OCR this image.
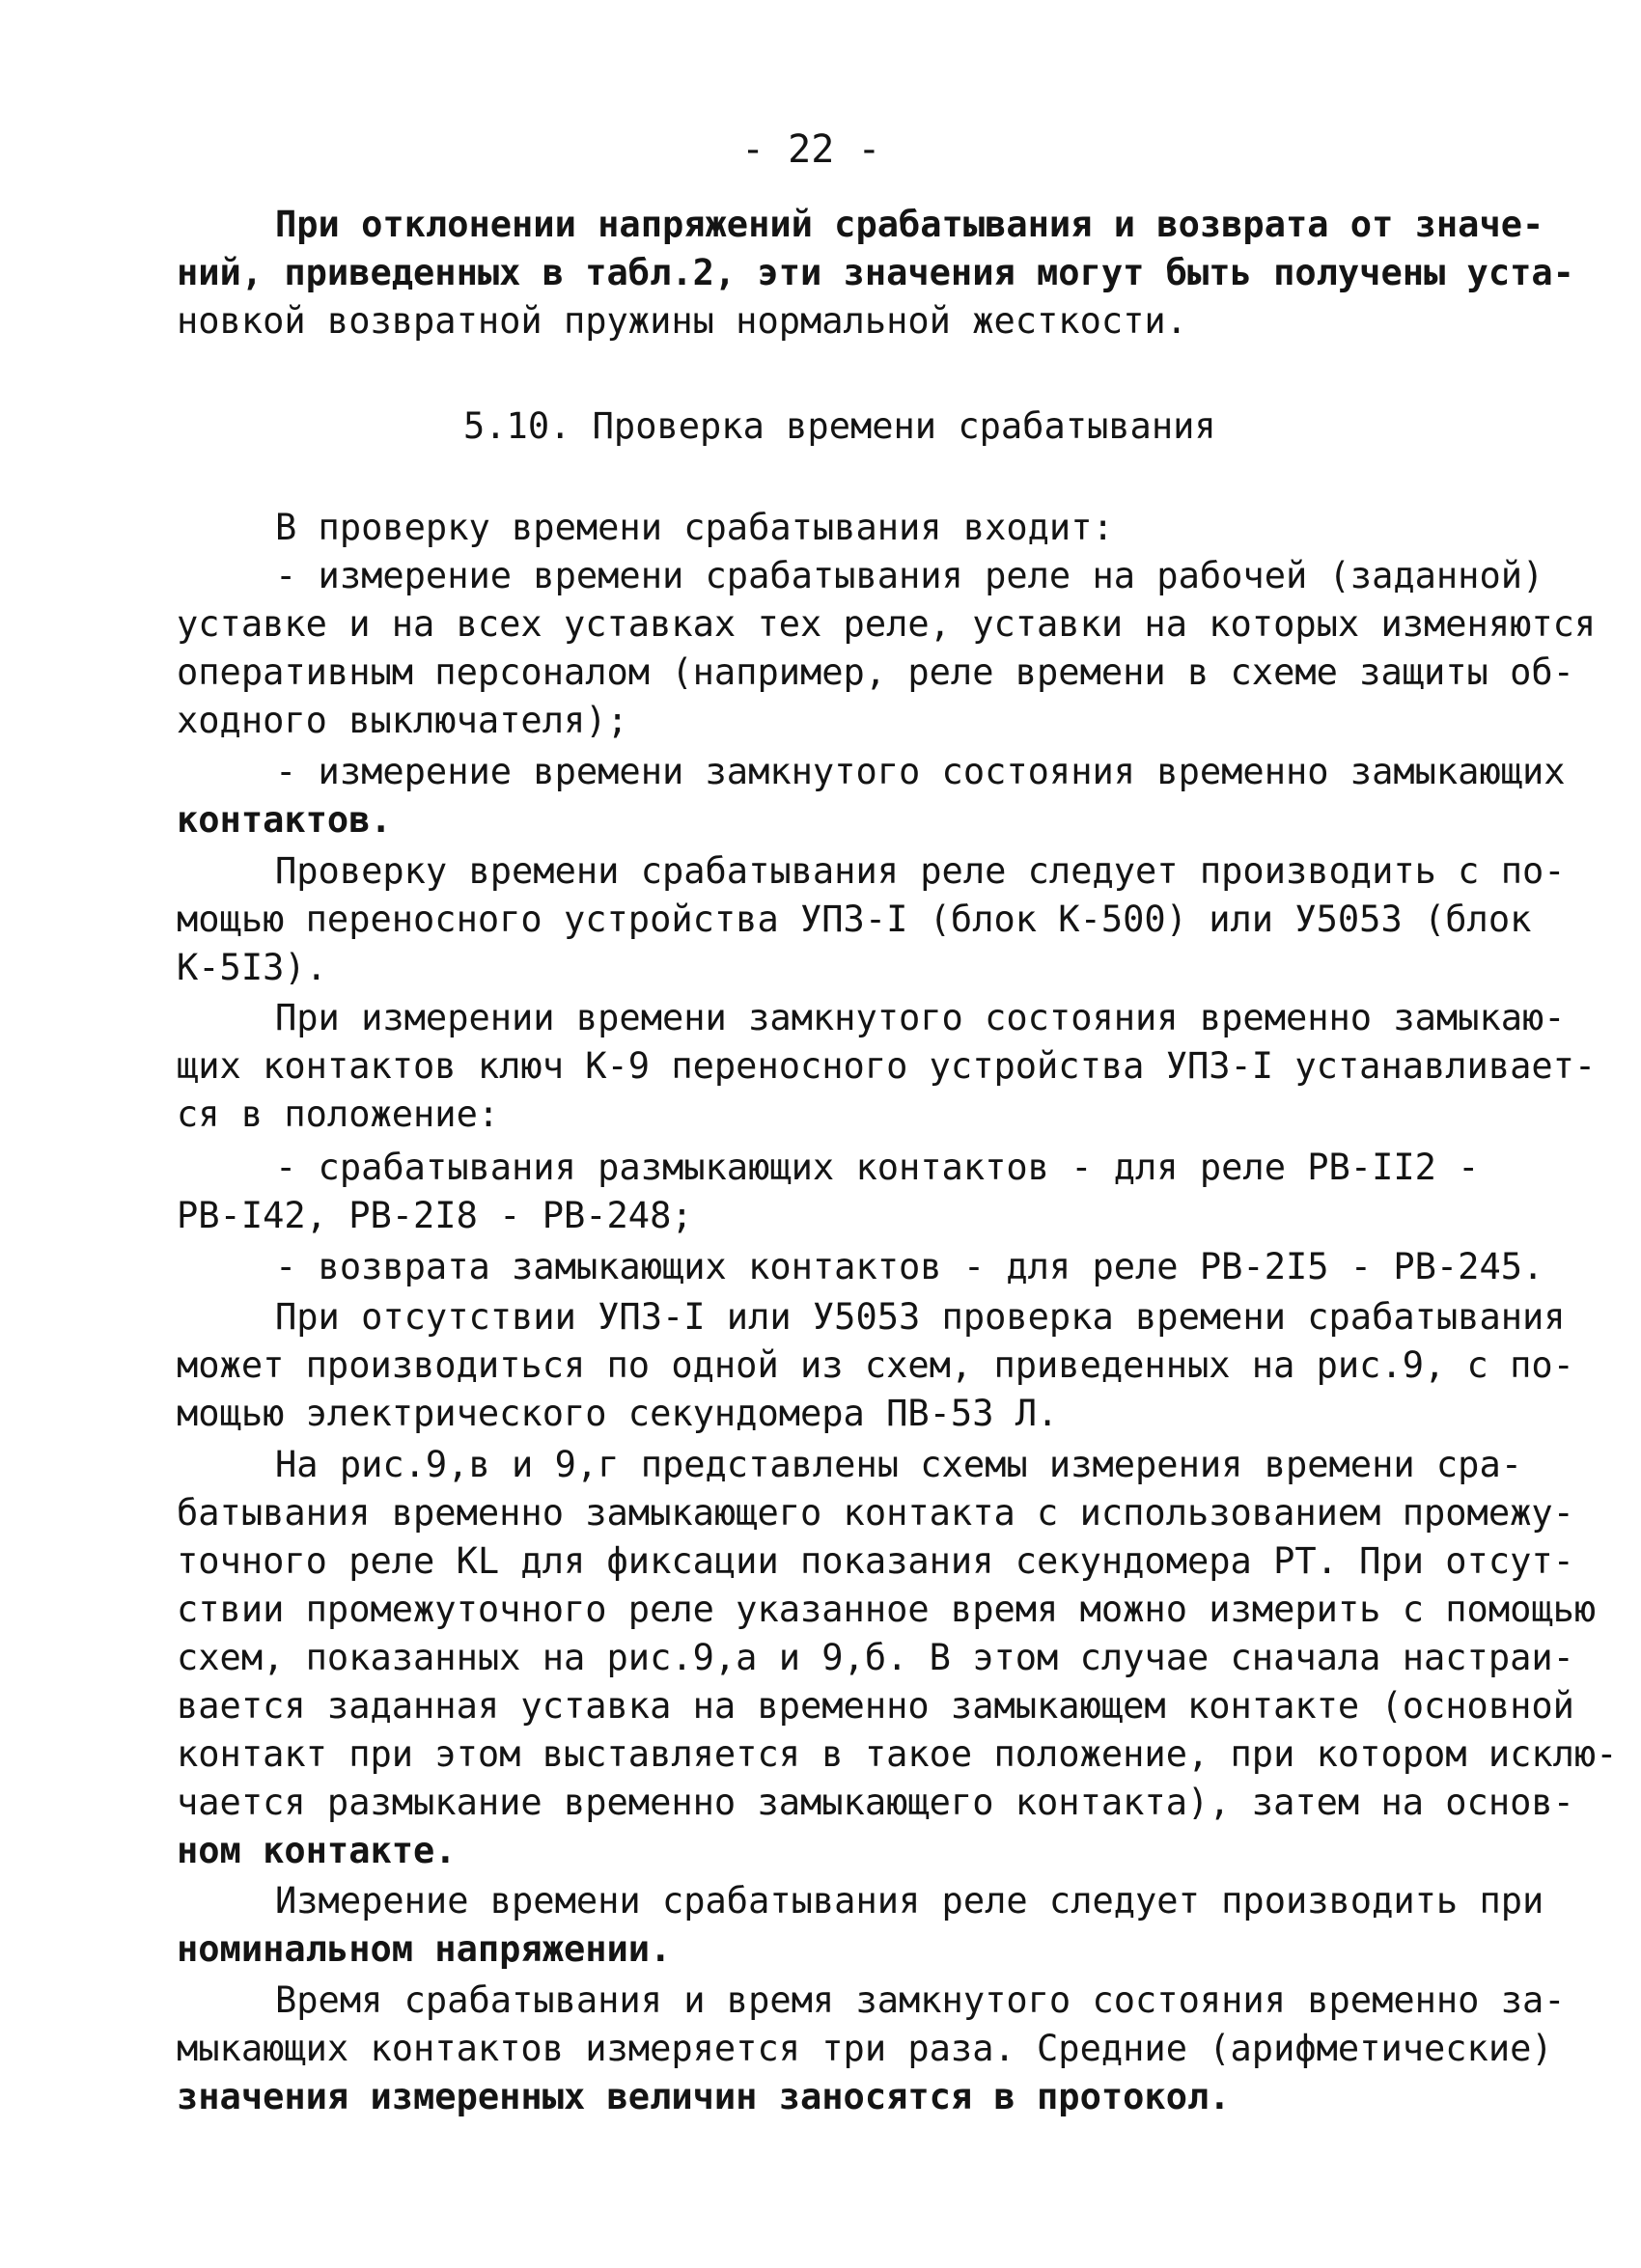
- 22 -
При отклонении напряжений срабатывания и возврата от значе-
ний, приведенных в табл.2, эти значения могут быть получены уста-
новкой возвратной пружины нормальной жесткости.
5.10. Проверка времени срабатывания
В проверку времени срабатывания входит:
- измерение времени срабатывания реле на рабочей (заданной)
уставке и на всех уставках тех реле, уставки на которых изменяются
оперативным персоналом (например, реле времени в схеме защиты об-
ходного выключателя);
- измерение времени замкнутого состояния временно замыкающих
контактов.
Проверку времени срабатывания реле следует производить с по-
мощью переносного устройства УПЗ-I (блок К-500) или У5053 (блок
К-5I3).
При измерении времени замкнутого состояния временно замыкаю-
щих контактов ключ К-9 переносного устройства УПЗ-I устанавливает-
ся в положение:
- срабатывания размыкающих контактов - для реле РВ-II2 -
РВ-I42, РВ-2I8 - РВ-248;
- возврата замыкающих контактов - для реле РВ-2I5 - РВ-245.
При отсутствии УПЗ-I или У5053 проверка времени срабатывания
может производиться по одной из схем, приведенных на рис.9, с по-
мощью электрического секундомера ПВ-53 Л.
На рис.9,в и 9,г представлены схемы измерения времени сра-
батывания временно замыкающего контакта с использованием промежу-
точного реле KL для фиксации показания секундомера РТ. При отсут-
ствии промежуточного реле указанное время можно измерить с помощью
схем, показанных на рис.9,а и 9,б. В этом случае сначала настраи-
вается заданная уставка на временно замыкающем контакте (основной
контакт при этом выставляется в такое положение, при котором исклю-
чается размыкание временно замыкающего контакта), затем на основ-
ном контакте.
Измерение времени срабатывания реле следует производить при
номинальном напряжении.
Время срабатывания и время замкнутого состояния временно за-
мыкающих контактов измеряется три раза. Средние (арифметические)
значения измеренных величин заносятся в протокол.
